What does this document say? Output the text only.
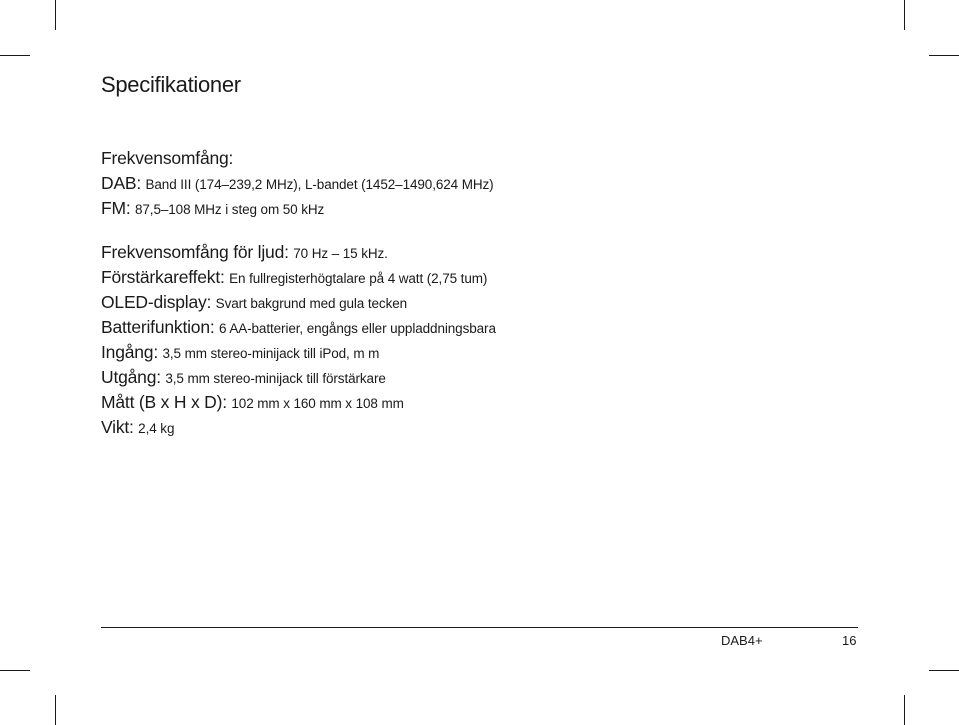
Specifikationer
Frekvensomfång:
DAB: Band III (174–239,2 MHz), L-bandet (1452–1490,624 MHz)
FM: 87,5–108 MHz i steg om 50 kHz
Frekvensomfång för ljud: 70 Hz – 15 kHz.
Förstärkareffekt: En fullregisterhögtalare på 4 watt (2,75 tum)
OLED-display: Svart bakgrund med gula tecken
Batterifunktion: 6 AA-batterier, engångs eller uppladdningsbara
Ingång: 3,5 mm stereo-minijack till iPod, m m
Utgång: 3,5 mm stereo-minijack till förstärkare
Mått (B x H x D): 102 mm x 160 mm x 108 mm
Vikt: 2,4 kg
DAB4+	16
